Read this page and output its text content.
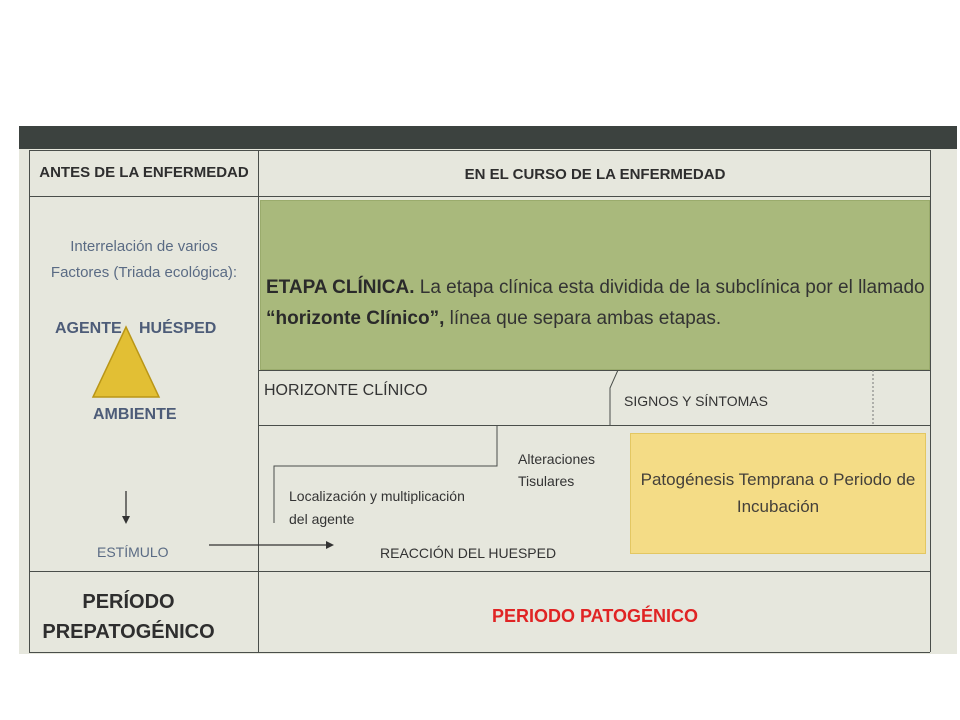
ANTES DE LA ENFERMEDAD	EN EL CURSO DE LA ENFERMEDAD
Interrelación de varios
Factores (Triada ecológica):
AGENTE HUÉSPED
AMBIENTE
ESTÍMULO
PERÍODO
PREPATOGÉNICO
ETAPA CLÍNICA. La etapa clínica esta dividida de la subclínica por el llamado
“horizonte Clínico”, línea que separa ambas etapas.
HORIZONTE CLÍNICO
SIGNOS Y SÍNTOMAS
Alteraciones
Tisulares
Localización y multiplicación
del agente
Patogénesis Temprana o Periodo de
Incubación
REACCIÓN DEL HUESPED
PERIODO PATOGÉNICO
